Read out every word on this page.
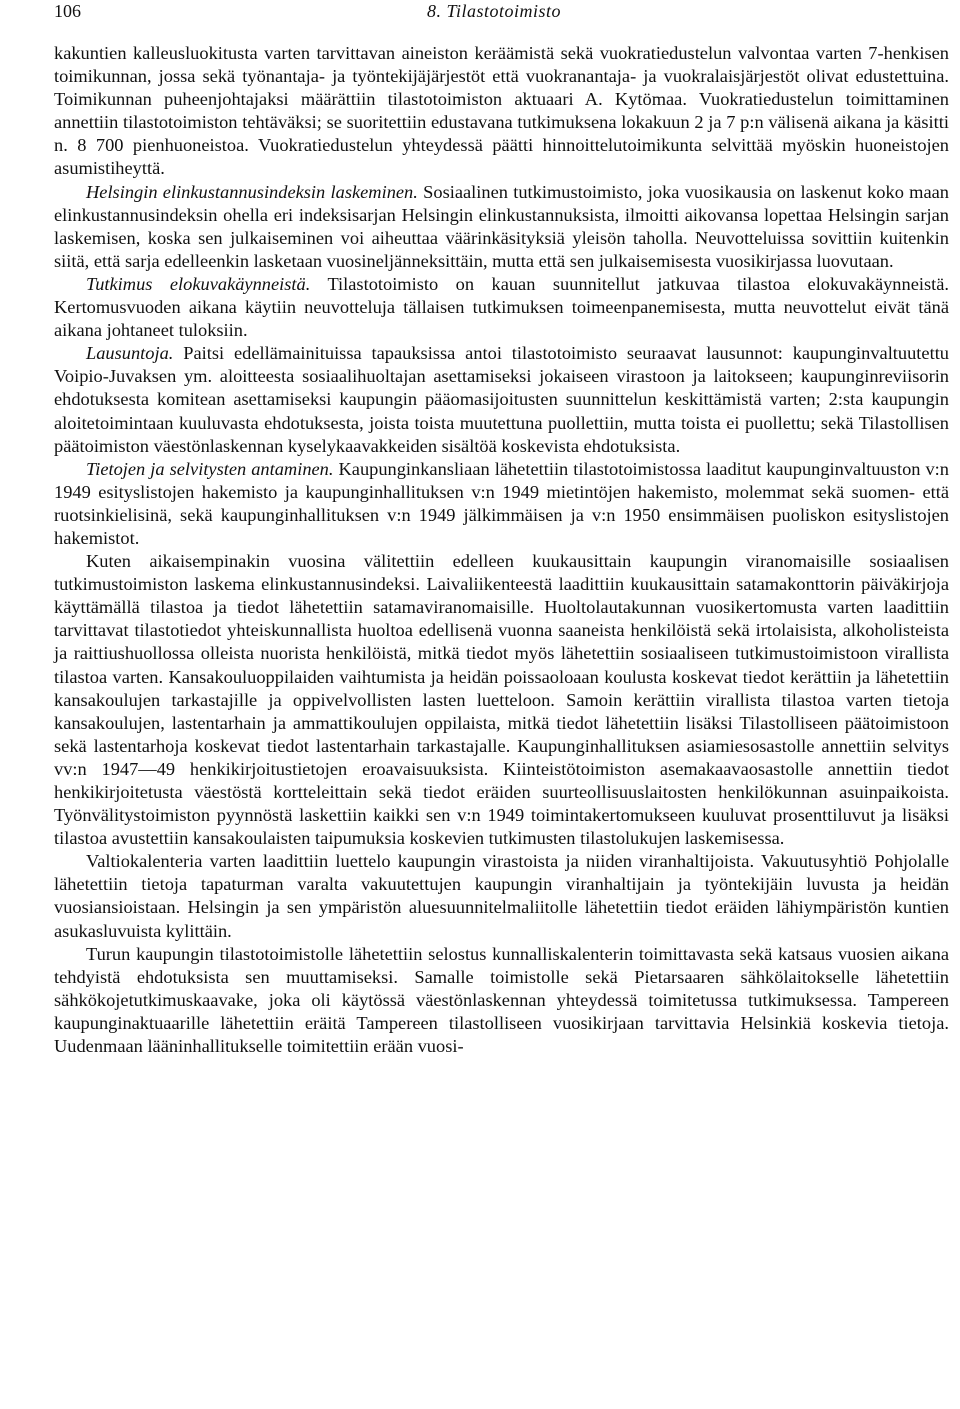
106	8. Tilastotoimisto

kakuntien kalleusluokitusta varten tarvittavan aineiston keräämistä sekä vuokratiedustelun valvontaa varten 7-henkisen toimikunnan, jossa sekä työnantaja- ja työntekijäjärjestöt että vuokranantaja- ja vuokralaisjärjestöt olivat edustettuina. Toimikunnan puheenjohtajaksi määrättiin tilastotoimiston aktuaari A. Kytömaa. Vuokratiedustelun toimittaminen annettiin tilastotoimiston tehtäväksi; se suoritettiin edustavana tutkimuksena lokakuun 2 ja 7 p:n välisenä aikana ja käsitti n. 8 700 pienhuoneistoa. Vuokratiedustelun yhteydessä päätti hinnoittelutoimikunta selvittää myöskin huoneistojen asumistiheyttä.

Helsingin elinkustannusindeksin laskeminen. Sosiaalinen tutkimustoimisto, joka vuosikausia on laskenut koko maan elinkustannusindeksin ohella eri indeksisarjan Helsingin elinkustannuksista, ilmoitti aikovansa lopettaa Helsingin sarjan laskemisen, koska sen julkaiseminen voi aiheuttaa väärinkäsityksiä yleisön taholla. Neuvotteluissa sovittiin kuitenkin siitä, että sarja edelleenkin lasketaan vuosineljänneksittäin, mutta että sen julkaisemisesta vuosikirjassa luovutaan.

Tutkimus elokuvakäynneistä. Tilastotoimisto on kauan suunnitellut jatkuvaa tilastoa elokuvakäynneistä. Kertomusvuoden aikana käytiin neuvotteluja tällaisen tutkimuksen toimeenpanemisesta, mutta neuvottelut eivät tänä aikana johtaneet tuloksiin.

Lausuntoja. Paitsi edellämainituissa tapauksissa antoi tilastotoimisto seuraavat lausunnot: kaupunginvaltuutettu Voipio-Juvaksen ym. aloitteesta sosiaalihuoltajan asettamiseksi jokaiseen virastoon ja laitokseen; kaupunginreviisorin ehdotuksesta komitean asettamiseksi kaupungin pääomasijoitusten suunnittelun keskittämistä varten; 2:sta kaupungin aloitetoimintaan kuuluvasta ehdotuksesta, joista toista muutettuna puollettiin, mutta toista ei puollettu; sekä Tilastollisen päätoimiston väestönlaskennan kyselykaavakkeiden sisältöä koskevista ehdotuksista.

Tietojen ja selvitysten antaminen. Kaupunginkansliaan lähetettiin tilastotoimistossa laaditut kaupunginvaltuuston v:n 1949 esityslistojen hakemisto ja kaupunginhallituksen v:n 1949 mietintöjen hakemisto, molemmat sekä suomen- että ruotsinkielisinä, sekä kaupunginhallituksen v:n 1949 jälkimmäisen ja v:n 1950 ensimmäisen puoliskon esityslistojen hakemistot.

Kuten aikaisempinakin vuosina välitettiin edelleen kuukausittain kaupungin viranomaisille sosiaalisen tutkimustoimiston laskema elinkustannusindeksi. Laivaliikenteestä laadittiin kuukausittain satamakonttorin päiväkirjoja käyttämällä tilastoa ja tiedot lähetettiin satamaviranomaisille. Huoltolautakunnan vuosikertomusta varten laadittiin tarvittavat tilastotiedot yhteiskunnallista huoltoa edellisenä vuonna saaneista henkilöistä sekä irtolaisista, alkoholisteista ja raittiushuollossa olleista nuorista henkilöistä, mitkä tiedot myös lähetettiin sosiaaliseen tutkimustoimistoon virallista tilastoa varten. Kansakouluoppilaiden vaihtumista ja heidän poissaoloaan koulusta koskevat tiedot kerättiin ja lähetettiin kansakoulujen tarkastajille ja oppivelvollisten lasten luetteloon. Samoin kerättiin virallista tilastoa varten tietoja kansakoulujen, lastentarhain ja ammattikoulujen oppilaista, mitkä tiedot lähetettiin lisäksi Tilastolliseen päätoimistoon sekä lastentarhoja koskevat tiedot lastentarhain tarkastajalle. Kaupunginhallituksen asiamiesosastolle annettiin selvitys vv:n 1947—49 henkikirjoitustietojen eroavaisuuksista. Kiinteistötoimiston asemakaavaosastolle annettiin tiedot henkikirjoitetusta väestöstä kortteleittain sekä tiedot eräiden suurteollisuuslaitosten henkilökunnan asuinpaikoista. Työnvälitystoimiston pyynnöstä laskettiin kaikki sen v:n 1949 toimintakertomukseen kuuluvat prosenttiluvut ja lisäksi tilastoa avustettiin kansakoulaisten taipumuksia koskevien tutkimusten tilastolukujen laskemisessa.

Valtiokalenteria varten laadittiin luettelo kaupungin virastoista ja niiden viranhaltijoista. Vakuutusyhtiö Pohjolalle lähetettiin tietoja tapaturman varalta vakuutettujen kaupungin viranhaltijain ja työntekijäin luvusta ja heidän vuosiansioistaan. Helsingin ja sen ympäristön aluesuunnitelmaliitolle lähetettiin tiedot eräiden lähiympäristön kuntien asukasluvuista kylittäin.

Turun kaupungin tilastotoimistolle lähetettiin selostus kunnalliskalenterin toimittavasta sekä katsaus vuosien aikana tehdyistä ehdotuksista sen muuttamiseksi. Samalle toimistolle sekä Pietarsaaren sähkölaitokselle lähetettiin sähkökojetutkimuskaavake, joka oli käytössä väestönlaskennan yhteydessä toimitetussa tutkimuksessa. Tampereen kaupunginaktuaarille lähetettiin eräitä Tampereen tilastolliseen vuosikirjaan tarvittavia Helsinkiä koskevia tietoja. Uudenmaan lääninhallitukselle toimitettiin erään vuosi-
